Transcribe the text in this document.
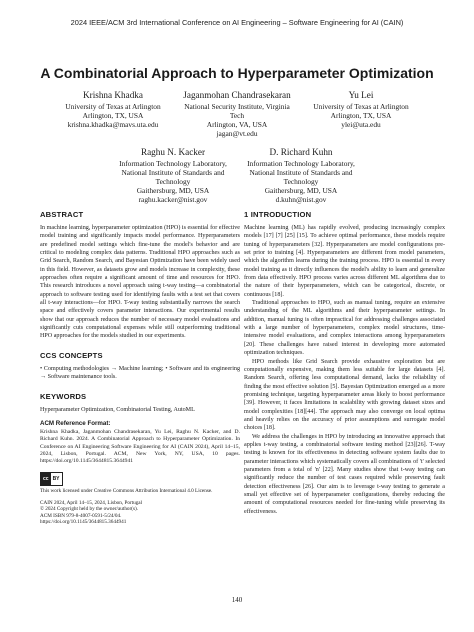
2024 IEEE/ACM 3rd International Conference on AI Engineering – Software Engineering for AI (CAIN)
A Combinatorial Approach to Hyperparameter Optimization
Krishna Khadka
University of Texas at Arlington
Arlington, TX, USA
krishna.khadka@mavs.uta.edu
Jaganmohan Chandrasekaran
National Security Institute, Virginia
Tech
Arlington, VA, USA
jagan@vt.edu
Yu Lei
University of Texas at Arlington
Arlington, TX, USA
ylei@uta.edu
Raghu N. Kacker
Information Technology Laboratory,
National Institute of Standards and
Technology
Gaithersburg, MD, USA
raghu.kacker@nist.gov
D. Richard Kuhn
Information Technology Laboratory,
National Institute of Standards and
Technology
Gaithersburg, MD, USA
d.kuhn@nist.gov
ABSTRACT

In machine learning, hyperparameter optimization (HPO) is essential for effective model training and significantly impacts model performance. Hyperparameters are predefined model settings which fine-tune the model's behavior and are critical to modeling complex data patterns. Traditional HPO approaches such as Grid Search, Random Search, and Bayesian Optimization have been widely used in this field. However, as datasets grow and models increase in complexity, these approaches often require a significant amount of time and resources for HPO. This research introduces a novel approach using t-way testing—a combinatorial approach to software testing used for identifying faults with a test set that covers all t-way interactions—for HPO. T-way testing substantially narrows the search space and effectively covers parameter interactions. Our experimental results show that our approach reduces the number of necessary model evaluations and significantly cuts computational expenses while still outperforming traditional HPO approaches for the models studied in our experiments.

CCS CONCEPTS

• Computing methodologies → Machine learning; • Software and its engineering → Software maintenance tools.

KEYWORDS

Hyperparameter Optimization, Combinatorial Testing, AutoML

ACM Reference Format:
Krishna Khadka, Jaganmohan Chandrasekaran, Yu Lei, Raghu N. Kacker, and D. Richard Kuhn. 2024. A Combinatorial Approach to Hyperparameter Optimization. In Conference on AI Engineering Software Engineering for AI (CAIN 2024), April 14–15, 2024, Lisbon, Portugal. ACM, New York, NY, USA, 10 pages. https://doi.org/10.1145/3644815.3644941
cc BY
This work licensed under Creative Commons Attribution International 4.0 License.
CAIN 2024, April 14–15, 2024, Lisbon, Portugal
© 2024 Copyright held by the owner/author(s).
ACM ISBN 979-8-4007-0591-5/24/04.
https://doi.org/10.1145/3644815.3644941
1 INTRODUCTION

Machine learning (ML) has rapidly evolved, producing increasingly complex models [17] [7] [25] [15]. To achieve optimal performance, these models require tuning of hyperparameters [32]. Hyperparameters are model configurations pre-set prior to training [4]. Hyperparameters are different from model parameters, which the algorithm learns during the training process. HPO is essential in every model training as it directly influences the model's ability to learn and generalize from data effectively. HPO process varies across different ML algorithms due to the nature of their hyperparameters, which can be categorical, discrete, or continuous [18].

Traditional approaches to HPO, such as manual tuning, require an extensive understanding of the ML algorithms and their hyperparameter settings. In addition, manual tuning is often impractical for addressing challenges associated with a large number of hyperparameters, complex model structures, time-intensive model evaluations, and complex interactions among hyperparameters [20]. These challenges have raised interest in developing more automated optimization techniques.

HPO methods like Grid Search provide exhaustive exploration but are computationally expensive, making them less suitable for large datasets [4]. Random Search, offering less computational demand, lacks the reliability of finding the most effective solution [5]. Bayesian Optimization emerged as a more promising technique, targeting hyperparameter areas likely to boost performance [39]. However, it faces limitations in scalability with growing dataset sizes and model complexities [18][44]. The approach may also converge on local optima and heavily relies on the accuracy of prior assumptions and surrogate model choices [18].

We address the challenges in HPO by introducing an innovative approach that applies t-way testing, a combinatorial software testing method [23][26]. T-way testing is known for its effectiveness in detecting software system faults due to parameter interactions which systematically covers all combinations of 't' selected parameters from a total of 'n' [22]. Many studies show that t-way testing can significantly reduce the number of test cases required while preserving fault detection effectiveness [26]. Our aim is to leverage t-way testing to generate a small yet effective set of hyperparameter configurations, thereby reducing the amount of computational resources needed for fine-tuning while preserving its effectiveness.

140
